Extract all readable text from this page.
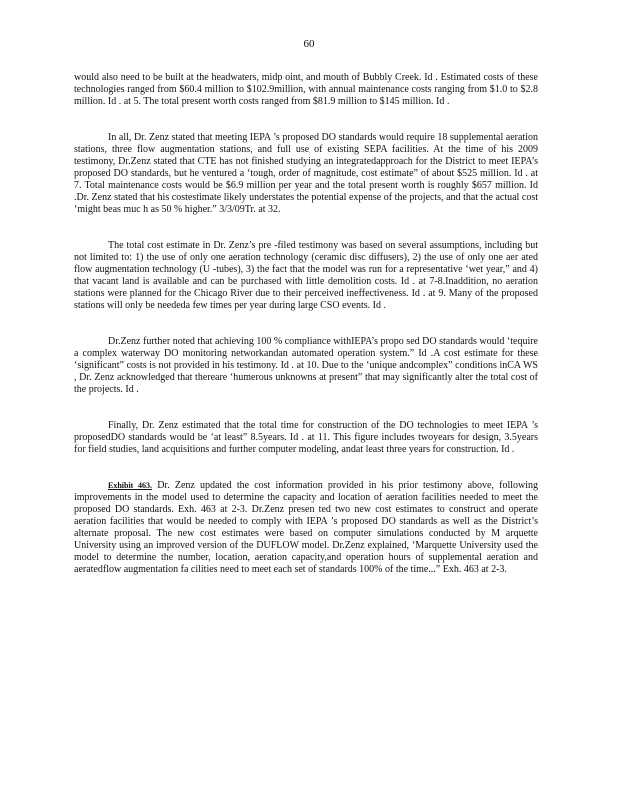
60

would also need to be built at the headwaters, midp oint, and mouth of Bubbly Creek. Id . Estimated costs of these technologies ranged from $60.4 million to $102.9million, with annual maintenance costs ranging from $1.0 to $2.8 million. Id . at 5. The total present worth costs ranged from $81.9 million to $145 million. Id .

In all, Dr. Zenz stated that meeting IEPA ’s proposed DO standards would require 18 supplemental aeration stations, three flow augmentation stations, and full use of existing SEPA facilities. At the time of his 2009 testimony, Dr.Zenz stated that CTE has not finished studying an integratedapproach for the District to meet IEPA’s proposed DO standards, but he ventured a ‘tough, order of magnitude, cost estimate” of about $525 million. Id . at 7. Total maintenance costs would be $6.9 million per year and the total present worth is roughly $657 million. Id .Dr. Zenz stated that his costestimate likely understates the potential expense of the projects, and that the actual cost ‘might beas muc h as 50 % higher.” 3/3/09Tr. at 32.

The total cost estimate in Dr. Zenz’s pre -filed testimony was based on several assumptions, including but not limited to: 1) the use of only one aeration technology (ceramic disc diffusers), 2) the use of only one aer ated flow augmentation technology (U -tubes), 3) the fact that the model was run for a representative ‘wet year,” and 4) that vacant land is available and can be purchased with little demolition costs. Id . at 7-8.Inaddition, no aeration stations were planned for the Chicago River due to their perceived ineffectiveness. Id . at 9. Many of the proposed stations will only be neededa few times per year during large CSO events. Id .

Dr.Zenz further noted that achieving 100 % compliance withIEPA’s propo sed DO standards would ‘tequire a complex waterway DO monitoring networkandan automated operation system.” Id .A cost estimate for these ‘significant” costs is not provided in his testimony. Id . at 10. Due to the ‘unique andcomplex” conditions inCA WS , Dr. Zenz acknowledged that thereare ‘humerous unknowns at present” that may significantly alter the total cost of the projects. Id .

Finally, Dr. Zenz estimated that the total time for construction of the DO technologies to meet IEPA ’s proposedDO standards would be ‘at least” 8.5years. Id . at 11. This figure includes twoyears for design, 3.5years for field studies, land acquisitions and further computer modeling, andat least three years for construction. Id .

Exhibit 463. Dr. Zenz updated the cost information provided in his prior testimony above, following improvements in the model used to determine the capacity and location of aeration facilities needed to meet the proposed DO standards. Exh. 463 at 2-3. Dr.Zenz presen ted two new cost estimates to construct and operate aeration facilities that would be needed to comply with IEPA ’s proposed DO standards as well as the District’s alternate proposal. The new cost estimates were based on computer simulations conducted by M arquette University using an improved version of the DUFLOW model. Dr.Zenz explained, ‘Marquette University used the model to determine the number, location, aeration capacity,and operation hours of supplemental aeration and aeratedflow augmentation fa cilities need to meet each set of standards 100% of the time...” Exh. 463 at 2-3.
